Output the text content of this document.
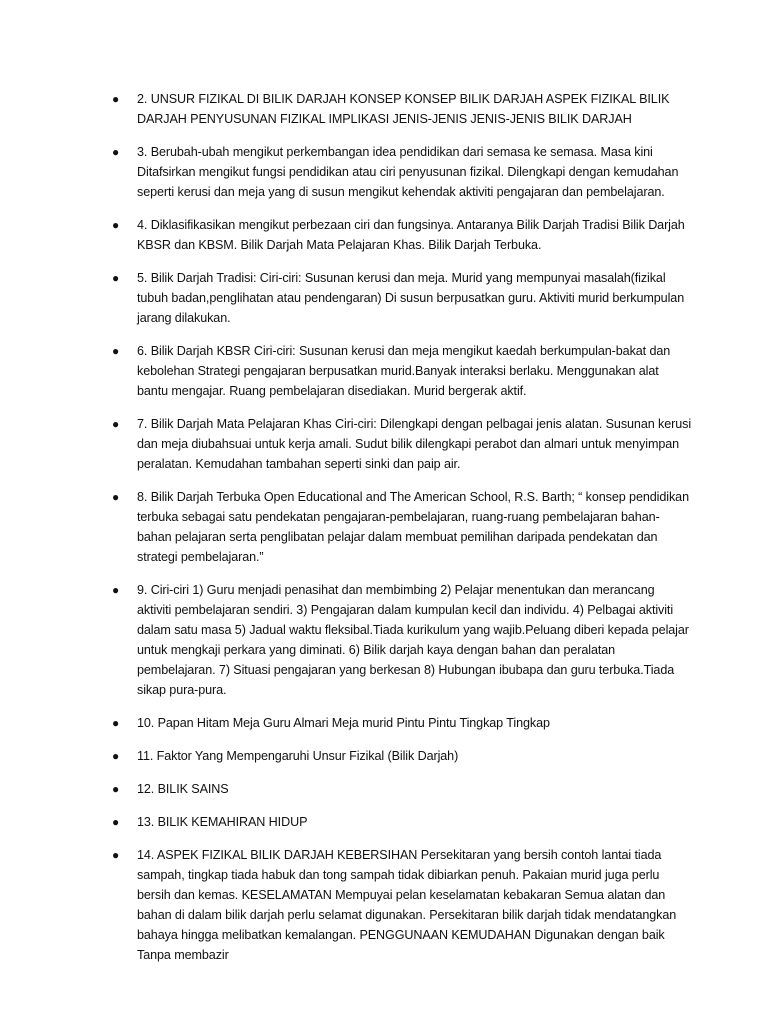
● 2. UNSUR FIZIKAL DI BILIK DARJAH KONSEP KONSEP BILIK DARJAH ASPEK FIZIKAL BILIK DARJAH PENYUSUNAN FIZIKAL IMPLIKASI JENIS-JENIS JENIS-JENIS BILIK DARJAH
● 3. Berubah-ubah mengikut perkembangan idea pendidikan dari semasa ke semasa. Masa kini Ditafsirkan mengikut fungsi pendidikan atau ciri penyusunan fizikal. Dilengkapi dengan kemudahan seperti kerusi dan meja yang di susun mengikut kehendak aktiviti pengajaran dan pembelajaran.
● 4. Diklasifikasikan mengikut perbezaan ciri dan fungsinya. Antaranya Bilik Darjah Tradisi Bilik Darjah KBSR dan KBSM. Bilik Darjah Mata Pelajaran Khas. Bilik Darjah Terbuka.
● 5. Bilik Darjah Tradisi: Ciri-ciri: Susunan kerusi dan meja. Murid yang mempunyai masalah(fizikal tubuh badan,penglihatan atau pendengaran) Di susun berpusatkan guru. Aktiviti murid berkumpulan jarang dilakukan.
● 6. Bilik Darjah KBSR Ciri-ciri: Susunan kerusi dan meja mengikut kaedah berkumpulan-bakat dan kebolehan Strategi pengajaran berpusatkan murid.Banyak interaksi berlaku. Menggunakan alat bantu mengajar. Ruang pembelajaran disediakan. Murid bergerak aktif.
● 7. Bilik Darjah Mata Pelajaran Khas Ciri-ciri: Dilengkapi dengan pelbagai jenis alatan. Susunan kerusi dan meja diubahsuai untuk kerja amali. Sudut bilik dilengkapi perabot dan almari untuk menyimpan peralatan. Kemudahan tambahan seperti sinki dan paip air.
● 8. Bilik Darjah Terbuka Open Educational and The American School, R.S. Barth; “ konsep pendidikan terbuka sebagai satu pendekatan pengajaran-pembelajaran, ruang-ruang pembelajaran bahan-bahan pelajaran serta penglibatan pelajar dalam membuat pemilihan daripada pendekatan dan strategi pembelajaran.”
● 9. Ciri-ciri 1) Guru menjadi penasihat dan membimbing 2) Pelajar menentukan dan merancang aktiviti pembelajaran sendiri. 3) Pengajaran dalam kumpulan kecil dan individu. 4) Pelbagai aktiviti dalam satu masa 5) Jadual waktu fleksibal.Tiada kurikulum yang wajib.Peluang diberi kepada pelajar untuk mengkaji perkara yang diminati. 6) Bilik darjah kaya dengan bahan dan peralatan pembelajaran. 7) Situasi pengajaran yang berkesan 8) Hubungan ibubapa dan guru terbuka.Tiada sikap pura-pura.
● 10. Papan Hitam Meja Guru Almari Meja murid Pintu Pintu Tingkap Tingkap
● 11. Faktor Yang Mempengaruhi Unsur Fizikal (Bilik Darjah)
● 12. BILIK SAINS
● 13. BILIK KEMAHIRAN HIDUP
● 14. ASPEK FIZIKAL BILIK DARJAH KEBERSIHAN Persekitaran yang bersih contoh lantai tiada sampah, tingkap tiada habuk dan tong sampah tidak dibiarkan penuh. Pakaian murid juga perlu bersih dan kemas. KESELAMATAN Mempuyai pelan keselamatan kebakaran Semua alatan dan bahan di dalam bilik darjah perlu selamat digunakan. Persekitaran bilik darjah tidak mendatangkan bahaya hingga melibatkan kemalangan. PENGGUNAAN KEMUDAHAN Digunakan dengan baik Tanpa membazir
